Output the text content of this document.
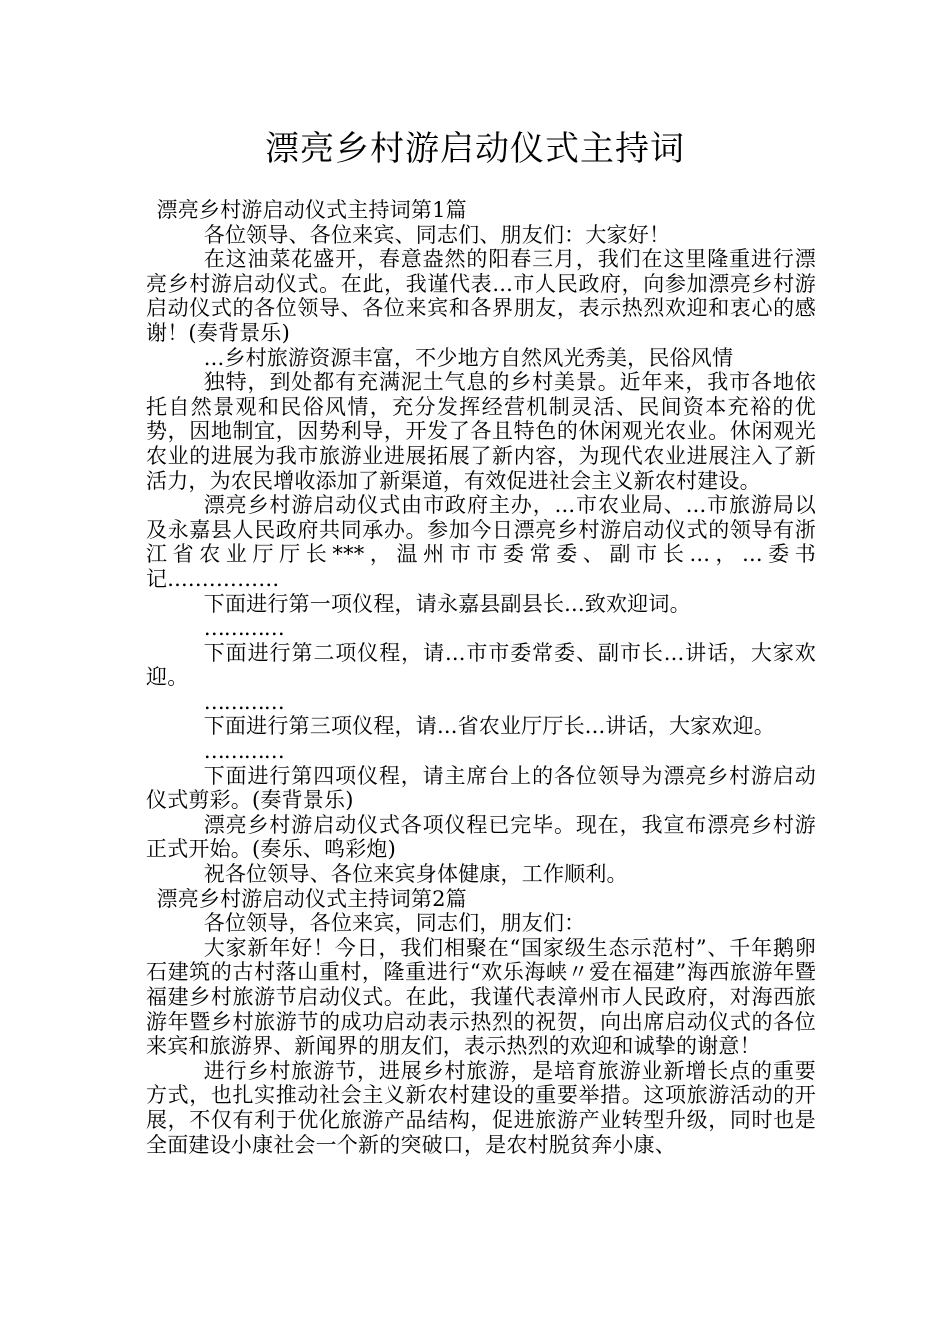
漂亮乡村游启动仪式主持词

漂亮乡村游启动仪式主持词第1篇

各位领导、各位来宾、同志们、朋友们：大家好！

在这油菜花盛开，春意盎然的阳春三月，我们在这里隆重进行漂亮乡村游启动仪式。在此，我谨代表...市人民政府，向参加漂亮乡村游启动仪式的各位领导、各位来宾和各界朋友，表示热烈欢迎和衷心的感谢！(奏背景乐)

...乡村旅游资源丰富，不少地方自然风光秀美，民俗风情

独特，到处都有充满泥土气息的乡村美景。近年来，我市各地依托自然景观和民俗风情，充分发挥经营机制灵活、民间资本充裕的优势，因地制宜，因势利导，开发了各且特色的休闲观光农业。休闲观光农业的进展为我市旅游业进展拓展了新内容，为现代农业进展注入了新活力，为农民增收添加了新渠道，有效促进社会主义新农村建设。

漂亮乡村游启动仪式由市政府主办，...市农业局、...市旅游局以及永嘉县人民政府共同承办。参加今日漂亮乡村游启动仪式的领导有浙江省农业厅厅长***，温州市市委常委、副市长...，...委书记....…………

下面进行第一项仪程，请永嘉县副县长...致欢迎词。

…………

下面进行第二项仪程，请...市市委常委、副市长...讲话，大家欢迎。

…………

下面进行第三项仪程，请...省农业厅厅长...讲话，大家欢迎。

…………

下面进行第四项仪程，请主席台上的各位领导为漂亮乡村游启动仪式剪彩。(奏背景乐)

漂亮乡村游启动仪式各项仪程已完毕。现在，我宣布漂亮乡村游正式开始。(奏乐、鸣彩炮)

祝各位领导、各位来宾身体健康，工作顺利。

漂亮乡村游启动仪式主持词第2篇

各位领导，各位来宾，同志们，朋友们：

大家新年好！今日，我们相聚在“国家级生态示范村”、千年鹅卵石建筑的古村落山重村，隆重进行“欢乐海峡〃爱在福建”海西旅游年暨福建乡村旅游节启动仪式。在此，我谨代表漳州市人民政府，对海西旅游年暨乡村旅游节的成功启动表示热烈的祝贺，向出席启动仪式的各位来宾和旅游界、新闻界的朋友们，表示热烈的欢迎和诚挚的谢意！

进行乡村旅游节，进展乡村旅游，是培育旅游业新增长点的重要方式，也扎实推动社会主义新农村建设的重要举措。这项旅游活动的开展，不仅有利于优化旅游产品结构，促进旅游产业转型升级，同时也是全面建设小康社会一个新的突破口，是农村脱贫奔小康、
